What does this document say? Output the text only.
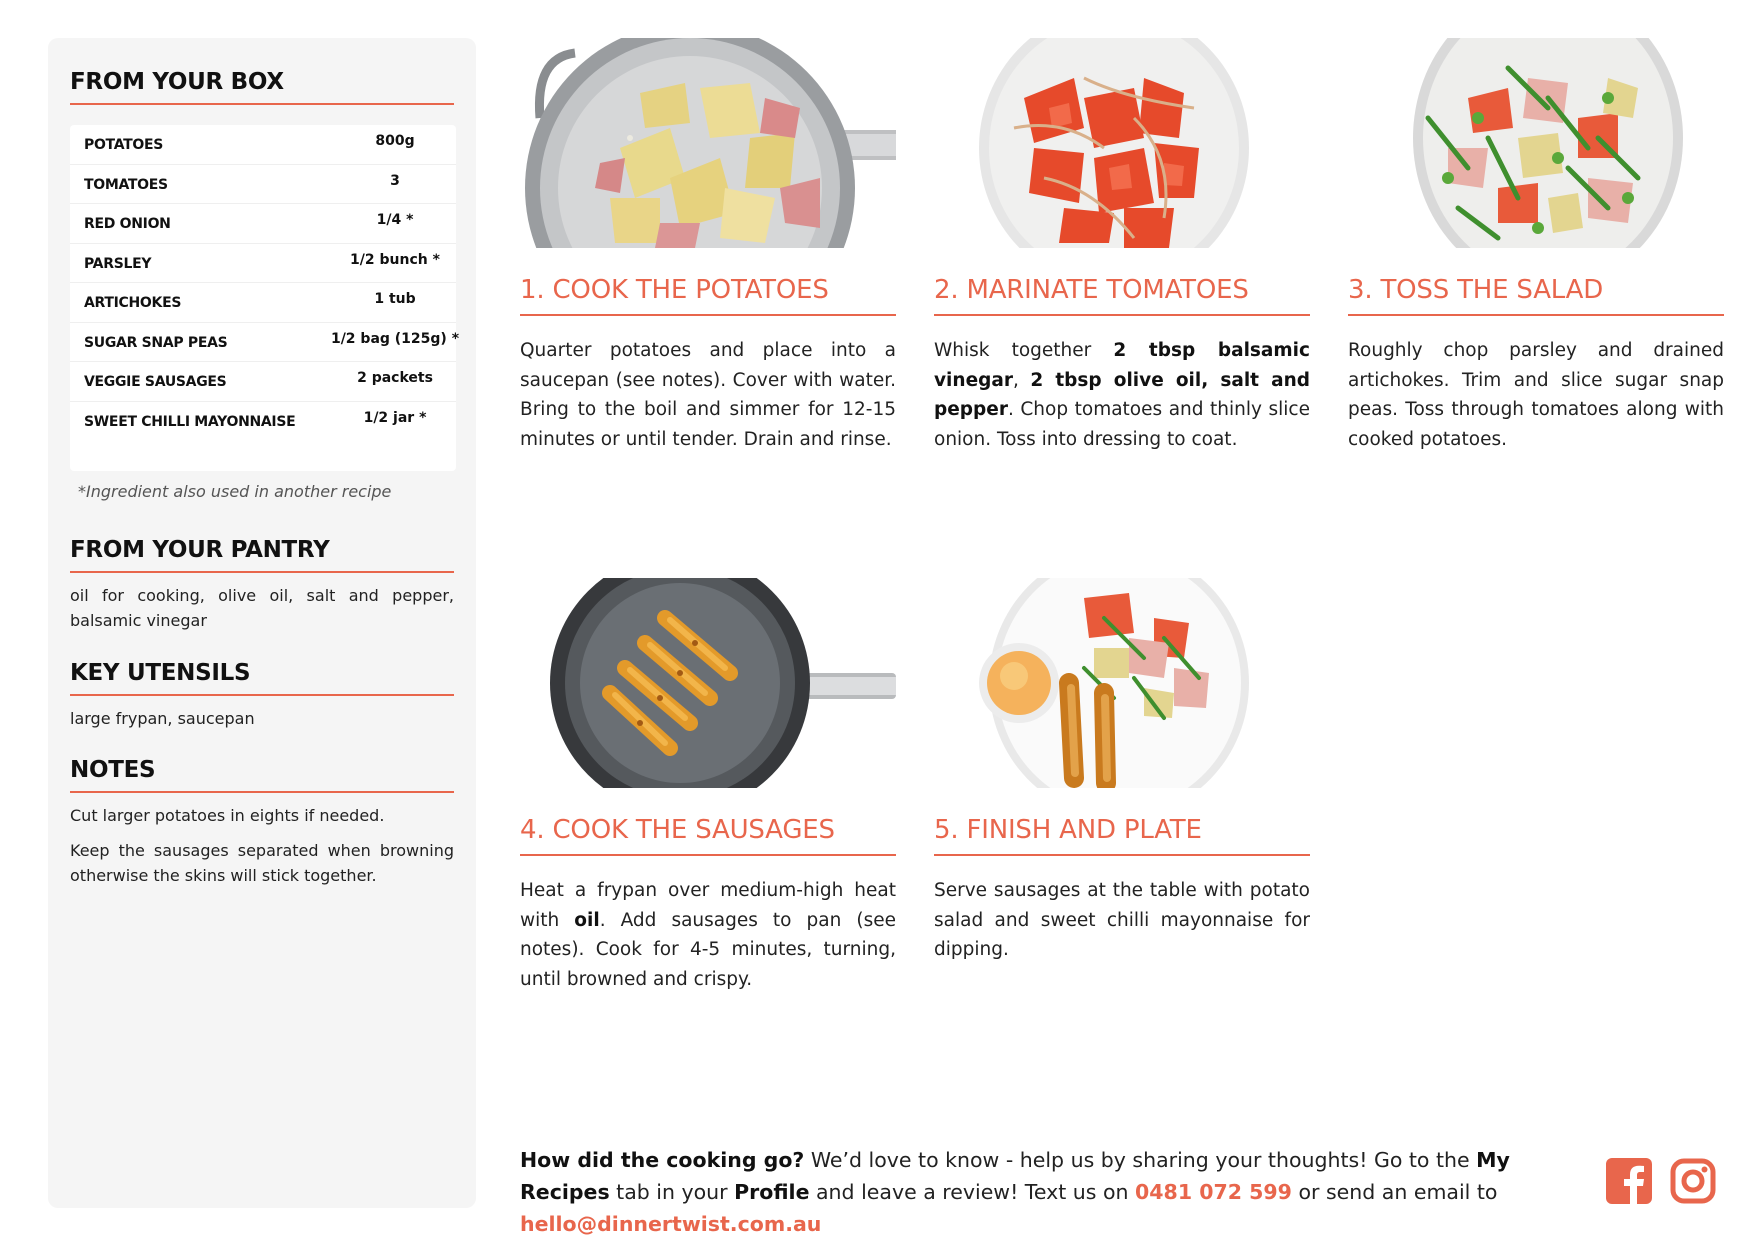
FROM YOUR BOX
POTATOES	800g
TOMATOES	3
RED ONION	1/4 *
PARSLEY	1/2 bunch *
ARTICHOKES	1 tub
SUGAR SNAP PEAS	1/2 bag (125g) *
VEGGIE SAUSAGES	2 packets
SWEET CHILLI MAYONNAISE	1/2 jar *
*Ingredient also used in another recipe
FROM YOUR PANTRY

oil for cooking, olive oil, salt and pepper, balsamic vinegar

KEY UTENSILS

large frypan, saucepan

NOTES

Cut larger potatoes in eights if needed.

Keep the sausages separated when browning otherwise the skins will stick together.

1. COOK THE POTATOES

Quarter potatoes and place into a saucepan (see notes). Cover with water. Bring to the boil and simmer for 12-15 minutes or until tender. Drain and rinse.

2. MARINATE TOMATOES

Whisk together 2 tbsp balsamic vinegar, 2 tbsp olive oil, salt and pepper. Chop tomatoes and thinly slice onion. Toss into dressing to coat.

3. TOSS THE SALAD

Roughly chop parsley and drained artichokes. Trim and slice sugar snap peas. Toss through tomatoes along with cooked potatoes.

4. COOK THE SAUSAGES

Heat a frypan over medium-high heat with oil. Add sausages to pan (see notes). Cook for 4-5 minutes, turning, until browned and crispy.

5. FINISH AND PLATE

Serve sausages at the table with potato salad and sweet chilli mayonnaise for dipping.

How did the cooking go? We’d love to know - help us by sharing your thoughts! Go to the My Recipes tab in your Profile and leave a review! Text us on 0481 072 599 or send an email to hello@dinnertwist.com.au
